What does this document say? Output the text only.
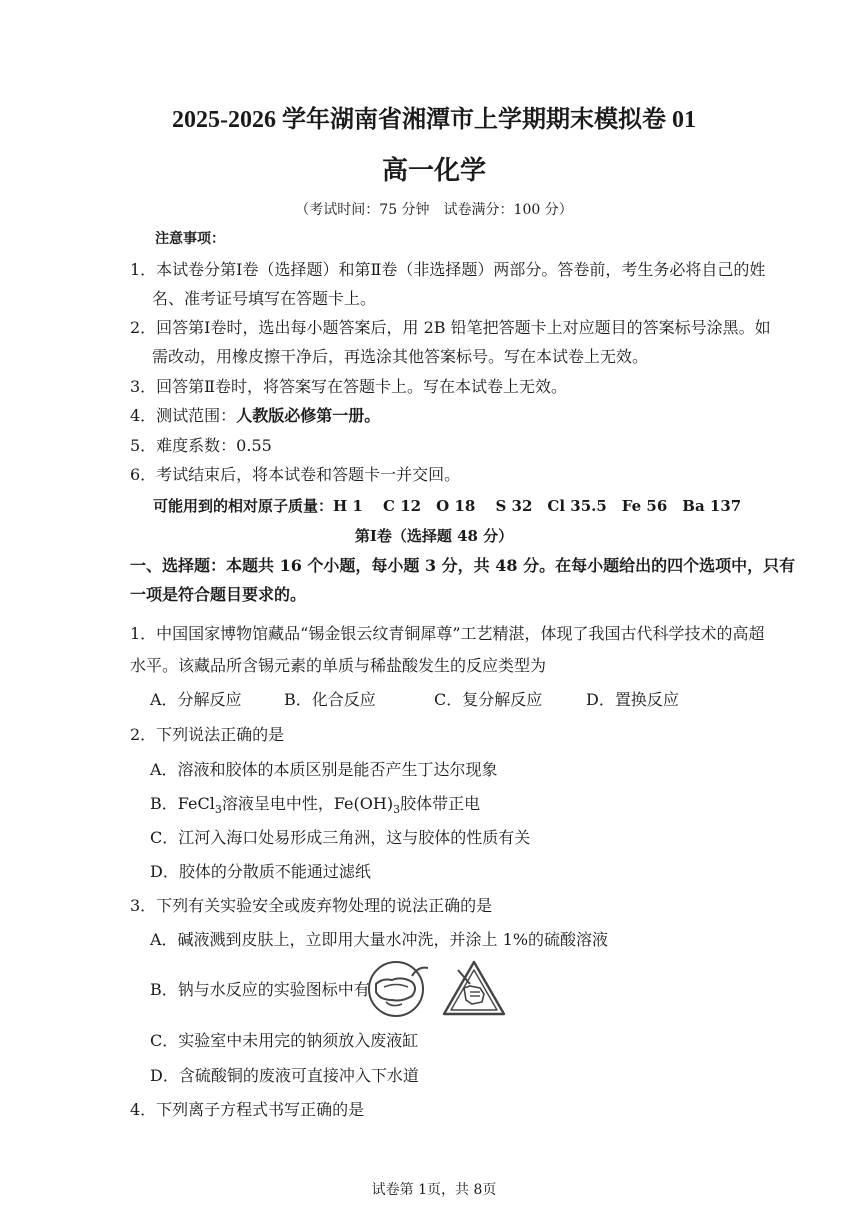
2025-2026 学年湖南省湘潭市上学期期末模拟卷 01
高一化学
（考试时间：75 分钟　试卷满分：100 分）
注意事项：
1．本试卷分第Ⅰ卷（选择题）和第Ⅱ卷（非选择题）两部分。答卷前，考生务必将自己的姓
名、准考证号填写在答题卡上。
2．回答第Ⅰ卷时，选出每小题答案后，用 2B 铅笔把答题卡上对应题目的答案标号涂黑。如
需改动，用橡皮擦干净后，再选涂其他答案标号。写在本试卷上无效。
3．回答第Ⅱ卷时，将答案写在答题卡上。写在本试卷上无效。
4．测试范围：人教版必修第一册。
5．难度系数：0.55
6．考试结束后，将本试卷和答题卡一并交回。
可能用到的相对原子质量：H 1　 C 12　O 18　 S 32　Cl 35.5　Fe 56　Ba 137
第Ⅰ卷（选择题 48 分）
一、选择题：本题共 16 个小题，每小题 3 分，共 48 分。在每小题给出的四个选项中，只有
一项是符合题目要求的。
1．中国国家博物馆藏品“锡金银云纹青铜犀尊”工艺精湛，体现了我国古代科学技术的高超
水平。该藏品所含锡元素的单质与稀盐酸发生的反应类型为
A．分解反应	B．化合反应	C．复分解反应	D．置换反应
2．下列说法正确的是
A．溶液和胶体的本质区别是能否产生丁达尔现象
B．FeCl$_3$溶液呈电中性，$Fe(OH)_3$胶体带正电
C．江河入海口处易形成三角洲，这与胶体的性质有关
D．胶体的分散质不能通过滤纸
3．下列有关实验安全或废弃物处理的说法正确的是
A．碱液溅到皮肤上，立即用大量水冲洗，并涂上 1%的硫酸溶液
B．钠与水反应的实验图标中有
C．实验室中未用完的钠须放入废液缸
D．含硫酸铜的废液可直接冲入下水道
4．下列离子方程式书写正确的是
试卷第 1页，共 8页
